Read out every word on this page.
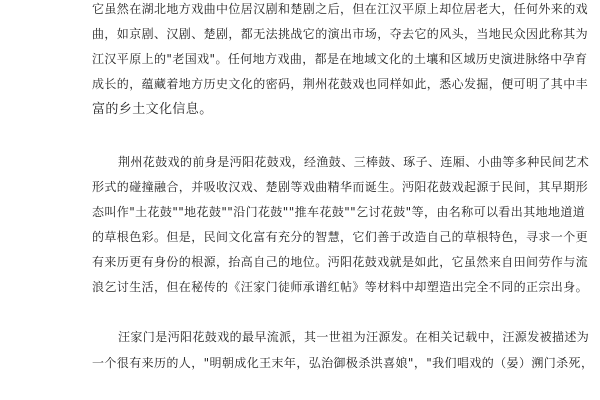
它虽然在湖北地方戏曲中位居汉剧和楚剧之后，但在江汉平原上却位居老大，任何外来的戏
曲，如京剧、汉剧、楚剧，都无法挑战它的演出市场，夺去它的风头，当地民众因此称其为
江汉平原上的"老国戏"。任何地方戏曲，都是在地域文化的土壤和区域历史演进脉络中孕育
成长的，蕴藏着地方历史文化的密码，荆州花鼓戏也同样如此，悉心发掘，便可明了其中丰
富的乡土文化信息。
荆州花鼓戏的前身是沔阳花鼓戏，经渔鼓、三棒鼓、琢子、连厢、小曲等多种民间艺术
形式的碰撞融合，并吸收汉戏、楚剧等戏曲精华而诞生。沔阳花鼓戏起源于民间，其早期形
态叫作"土花鼓""地花鼓""沿门花鼓""推车花鼓""乞讨花鼓"等，由名称可以看出其地地道道
的草根色彩。但是，民间文化富有充分的智慧，它们善于改造自己的草根特色，寻求一个更
有来历更有身份的根源，抬高自己的地位。沔阳花鼓戏就是如此，它虽然来自田间劳作与流
浪乞讨生活，但在秘传的《汪家门徒师承谱红帖》等材料中却塑造出完全不同的正宗出身。
汪家门是沔阳花鼓戏的最早流派，其一世祖为汪源发。在相关记载中，汪源发被描述为
一个很有来历的人，"明朝成化王末年，弘治御极杀洪喜娘"，"我们唱戏的（晏）溯门杀死，
